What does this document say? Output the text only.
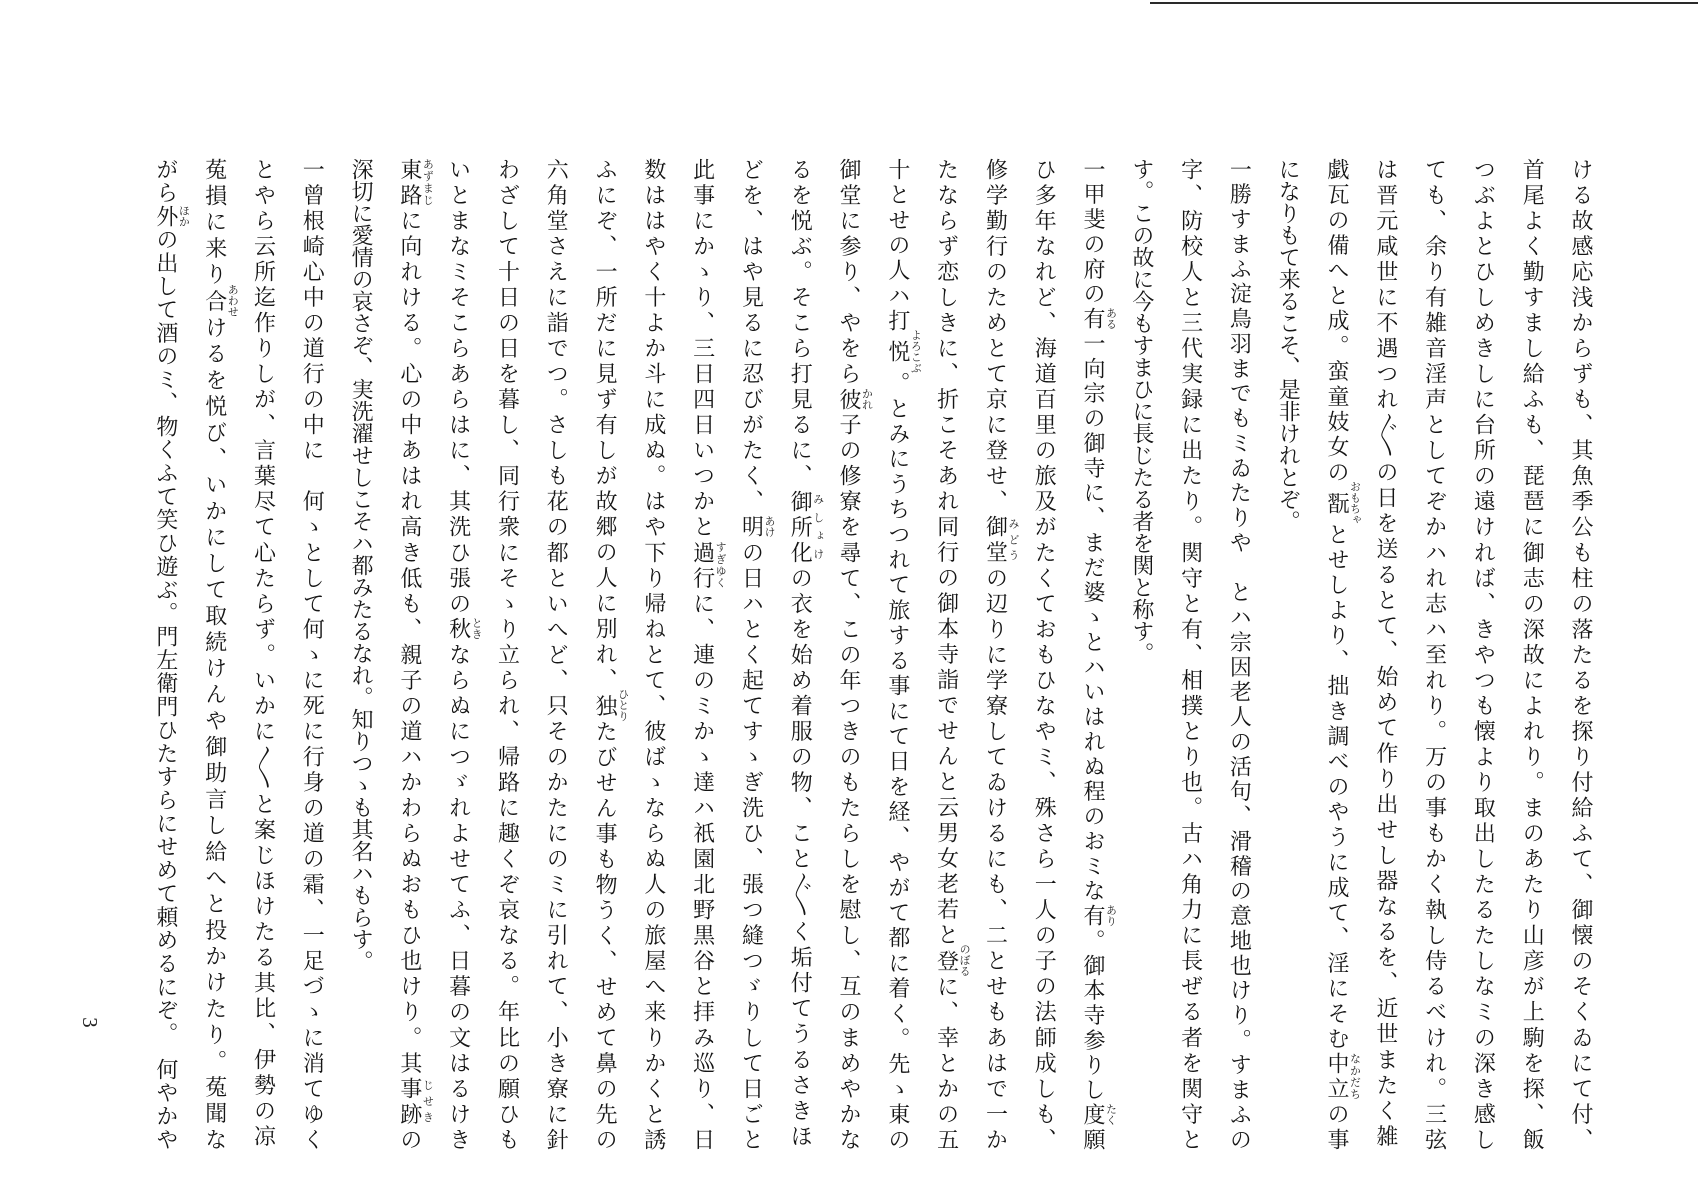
ける故感応浅からずも、其魚季公も柱の落たるを探り付給ふて、御懐のそくゐにて付、
首尾よく勤すまし給ふも、琵琶に御志の深故によれり。まのあたり山彦が上駒を探、飯
つぶよとひしめきしに台所の遠ければ、きやつも懐より取出したるたしなミの深き感し
ても、余り有雑音淫声としてぞかハれ志ハ至れり。万の事もかく執し侍るべけれ。三弦
は晋元咸世に不遇つれ〴〵の日を送るとて、始めて作り出せし器なるを、近世またく雑
戯瓦の備へと成。蛮童妓女の翫おもちゃとせしより、拙き調べのやうに成て、淫にそむ中立なかだちの事
になりもて来るこそ、是非けれとぞ。
一勝すまふ淀鳥羽までもミゐたりや　とハ宗因老人の活句、滑稽の意地也けり。すまふの
字、防校人と三代実録に出たり。関守と有、相撲とり也。古ハ角力に長ぜる者を関守と
す。この故に今もすまひに長じたる者を関と称す。
一甲斐の府の有ある一向宗の御寺に、まだ婆ゝとハいはれぬ程のおミな有あり。御本寺参りし度たく願
ひ多年なれど、海道百里の旅及がたくておもひなやミ、殊さら一人の子の法師成しも、
修学勤行のためとて京に登せ、御堂みどうの辺りに学寮してゐけるにも、二とせもあはで一か
たならず恋しきに、折こそあれ同行の御本寺詣でせんと云男女老若と登のぼるに、幸とかの五
十とせの人ハ打悦よろこぶ。とみにうちつれて旅する事にて日を経、やがて都に着く。先ゝ東の
御堂に参り、やをら彼かれ子の修寮を尋て、この年つきのもたらしを慰し、互のまめやかな
るを悦ぶ。そこら打見るに、御所化みしょけの衣を始め着服の物、こと〴〵く垢付てうるさきほ
どを、はや見るに忍びがたく、明あけの日ハとく起てすゝぎ洗ひ、張つ縫つゞりして日ごと
此事にかゝり、三日四日いつかと過行すぎゆくに、連のミかゝ達ハ祇園北野黒谷と拝み巡り、日
数ははやく十よか斗に成ぬ。はや下り帰ねとて、彼ばゝならぬ人の旅屋へ来りかくと誘
ふにぞ、一所だに見ず有しが故郷の人に別れ、独ひとりたびせん事も物うく、せめて鼻の先の
六角堂さえに詣でつ。さしも花の都といへど、只そのかたにのミに引れて、小き寮に針
わざして十日の日を暮し、同行衆にそゝり立られ、帰路に趣くぞ哀なる。年比の願ひも
いとまなミそこらあらはに、其洗ひ張の秋ときならぬにつゞれよせてふ、日暮の文はるけき
東路あずまじに向れける。心の中あはれ高き低も、親子の道ハかわらぬおもひ也けり。其事跡じせきの
深切に愛情の哀さぞ、実洗濯せしこそハ都みたるなれ。知りつゝも其名ハもらす。
一曾根崎心中の道行の中に　何ゝとして何ゝに死に行身の道の霜、一足づゝに消てゆく
とやら云所迄作りしが、言葉尽て心たらず。いかに〳〵と案じほけたる其比、伊勢の凉
菟損に来り合あわせけるを悦び、いかにして取続けんや御助言し給へと投かけたり。菟聞な
がら外ほかの出して酒のミ、物くふて笑ひ遊ぶ。門左衛門ひたすらにせめて頼めるにぞ。　何やかや
3
